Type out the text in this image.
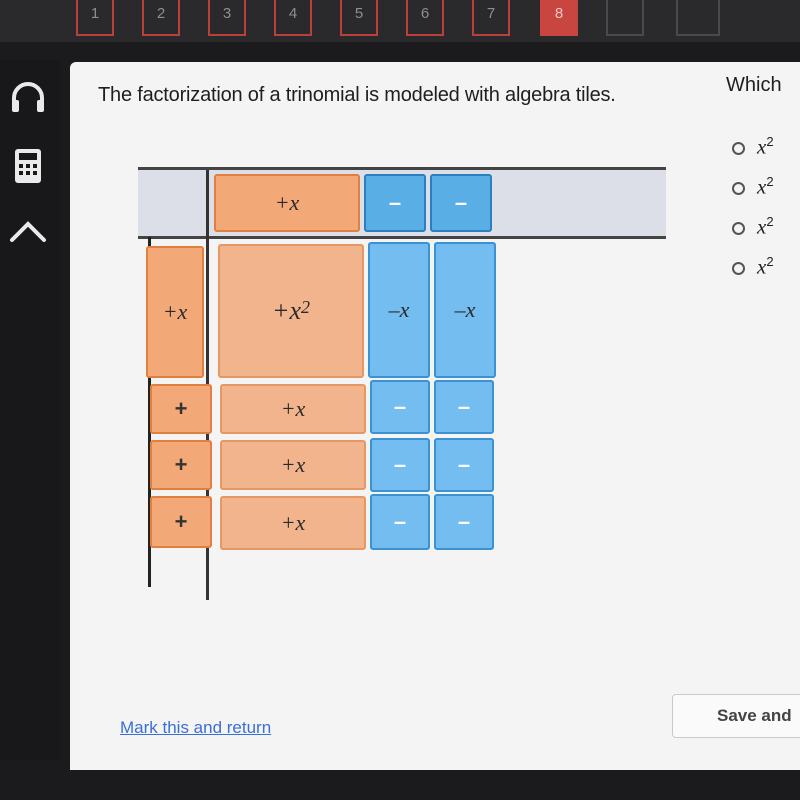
1	2	3	4	5	6	7	8
The factorization of a trinomial is modeled with algebra tiles.	Which
$x^2$
$x^2$
$x^2$
$x^2$
+x	–	–
+x
+
+
+
$+x^2$	–x	–x
+x	–	–
+x	–	–
+x	–	–
Mark this and return
Save and
